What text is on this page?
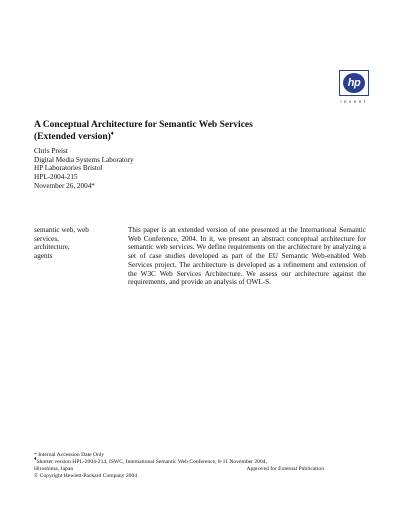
hp
invent
A Conceptual Architecture for Semantic Web Services
(Extended version)♦
Chris Preist
Digital Media Systems Laboratory
HP Laboratories Bristol
HPL-2004-215
November 26, 2004*
semantic web, web
services,
architecture,
agents
This paper is an extended version of one presented at the International Semantic Web Conference, 2004. In it, we present an abstract conceptual architecture for semantic web services. We define requirements on the architecture by analyzing a set of case studies developed as part of the EU Semantic Web-enabled Web Services project. The architecture is developed as a refinement and extension of the W3C Web Services Architecture. We assess our architecture against the requirements, and provide an analysis of OWL-S.
* Internal Accession Date Only
♦Shorter version HPL-2004-214, ISWC, International Semantic Web Conference, 8-11 November 2004,
Hiroshima, Japan	Approved for External Publication
© Copyright Hewlett-Packard Company 2004
